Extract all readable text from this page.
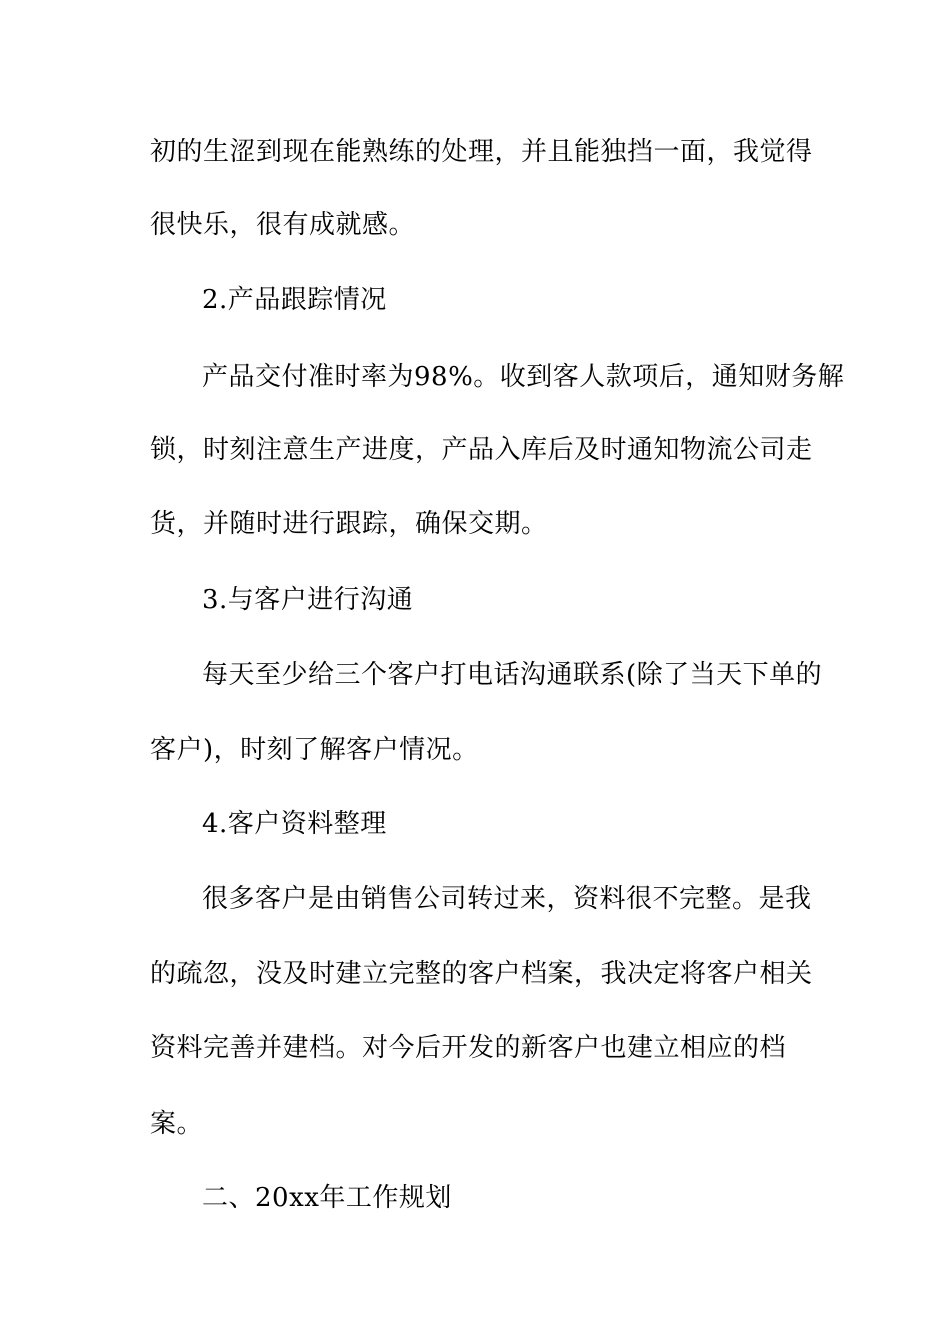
初的生涩到现在能熟练的处理，并且能独挡一面，我觉得
很快乐，很有成就感。
2.产品跟踪情况
产品交付准时率为98%。收到客人款项后，通知财务解
锁，时刻注意生产进度，产品入库后及时通知物流公司走
货，并随时进行跟踪，确保交期。
3.与客户进行沟通
每天至少给三个客户打电话沟通联系(除了当天下单的
客户)，时刻了解客户情况。
4.客户资料整理
很多客户是由销售公司转过来，资料很不完整。是我
的疏忽，没及时建立完整的客户档案，我决定将客户相关
资料完善并建档。对今后开发的新客户也建立相应的档
案。
二、20xx年工作规划
